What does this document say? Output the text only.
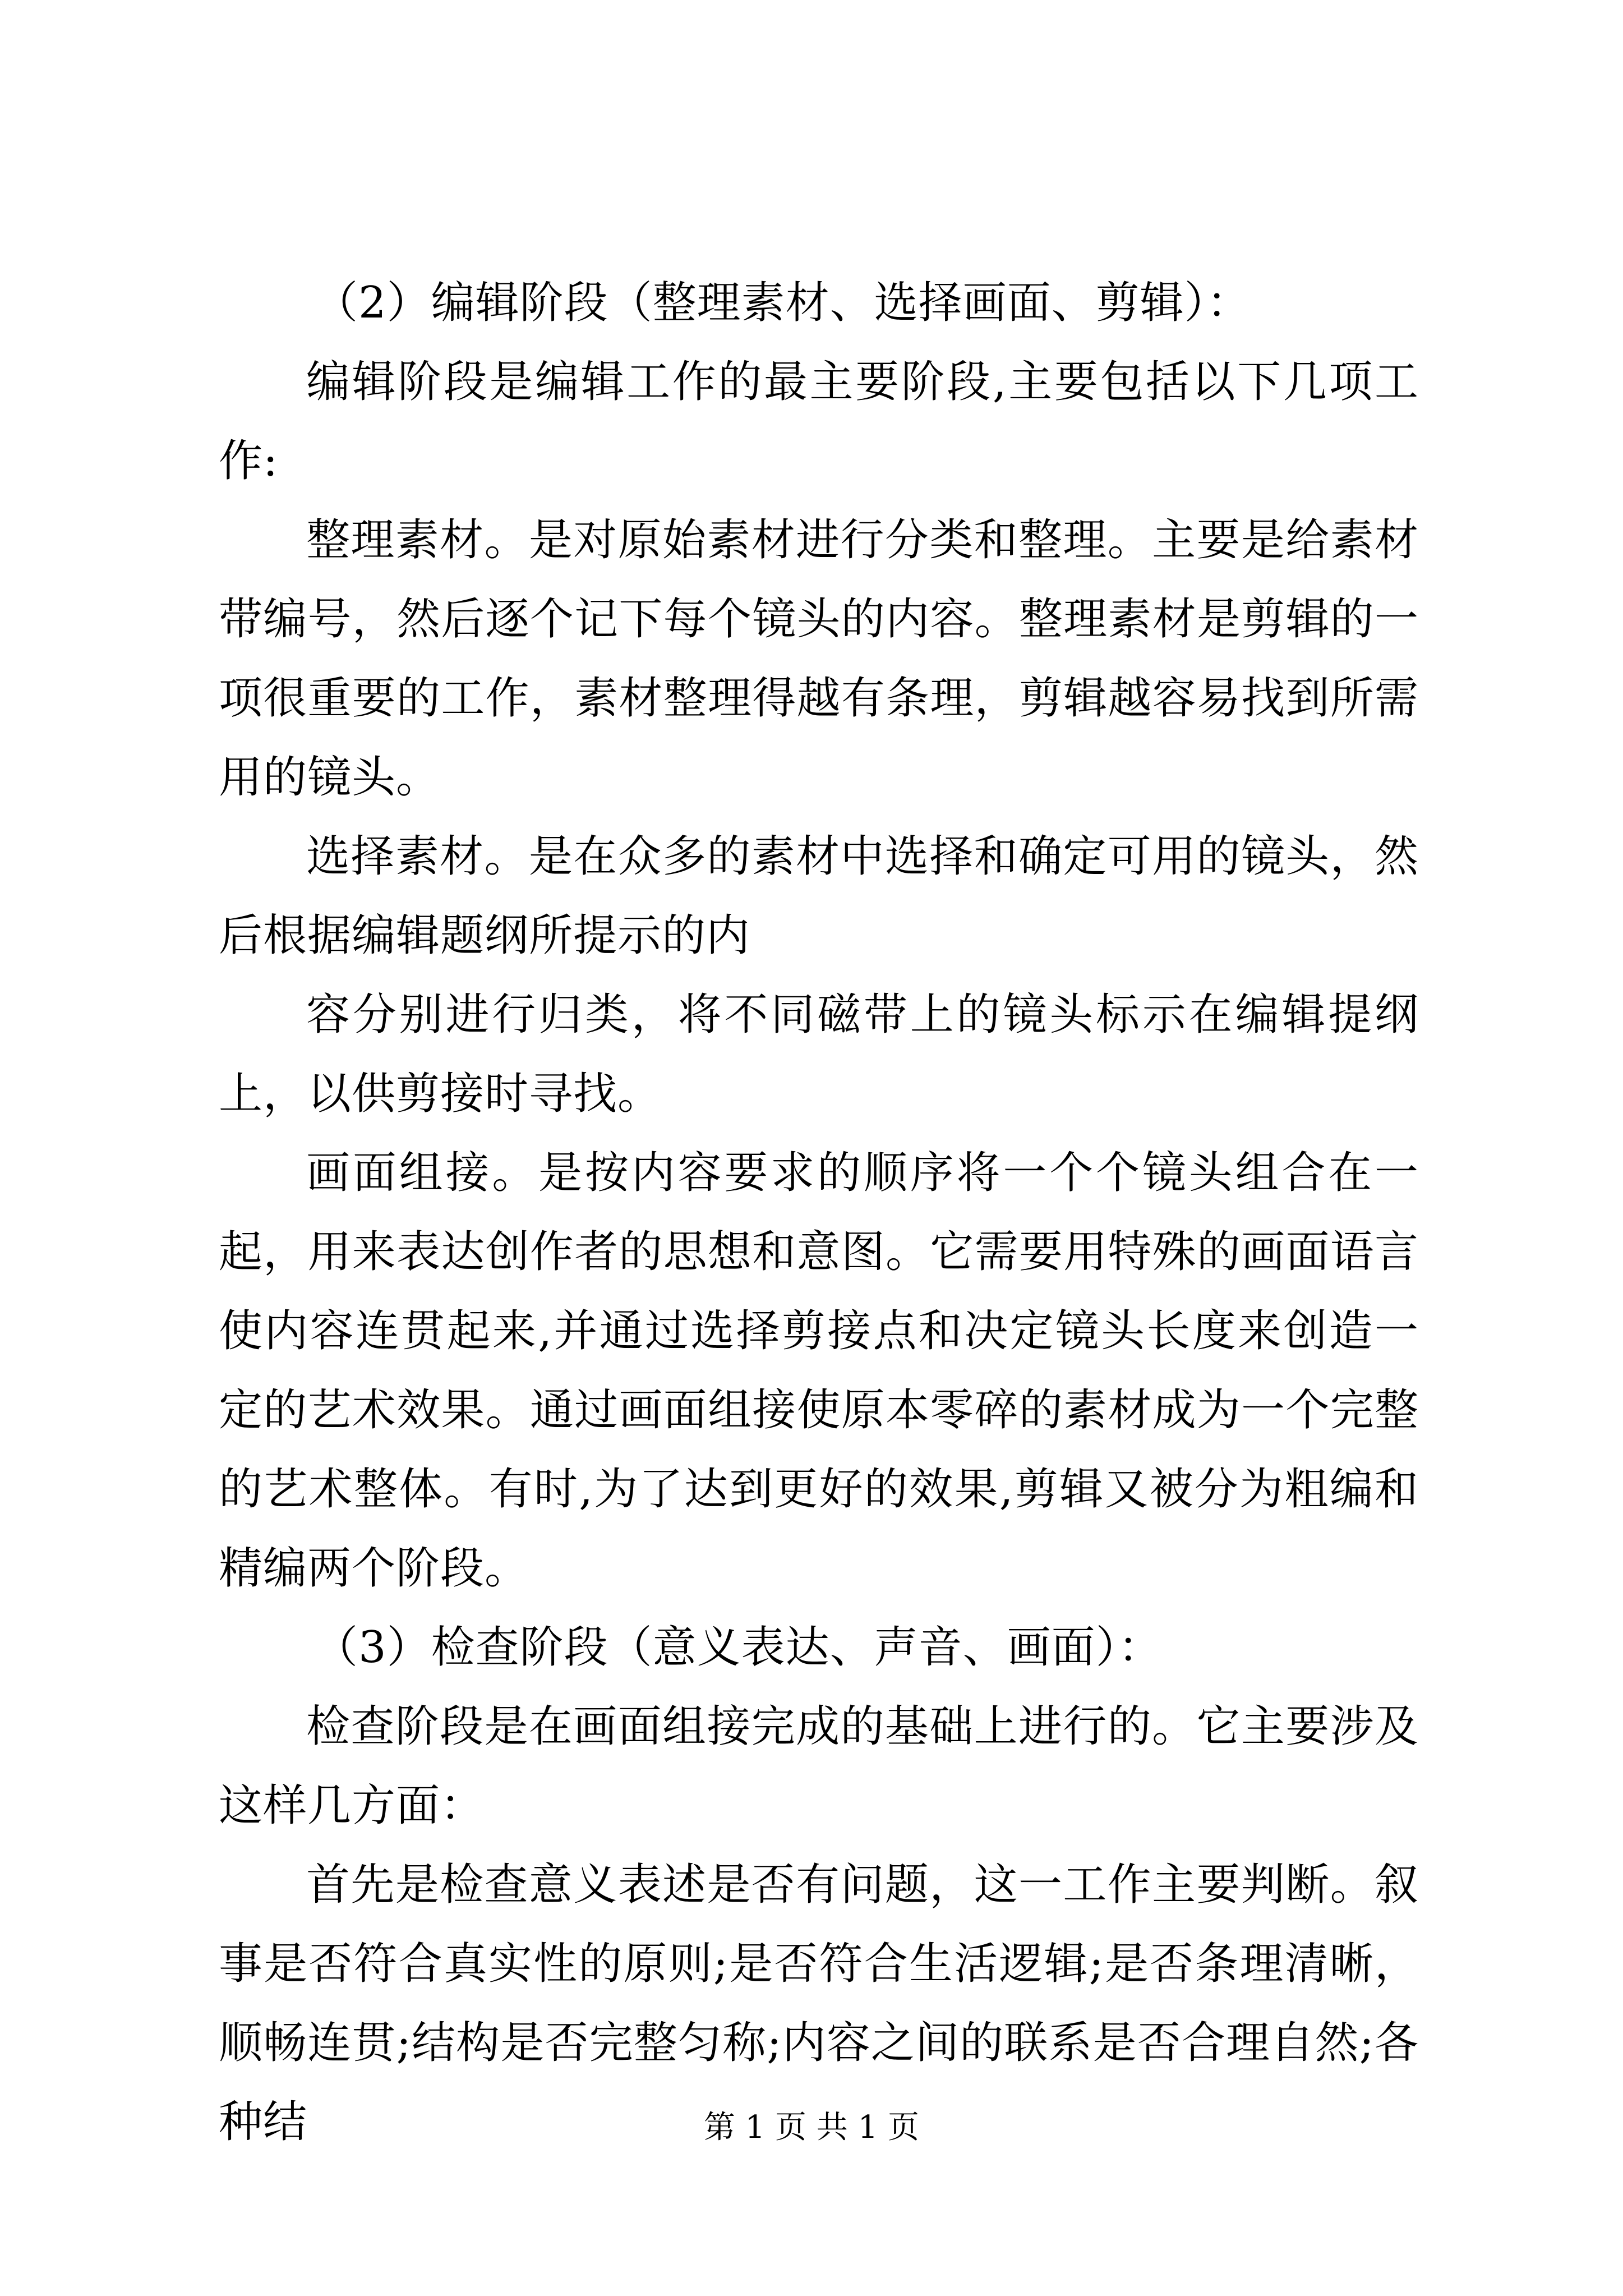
（2）编辑阶段（整理素材、选择画面、剪辑）：

编辑阶段是编辑工作的最主要阶段,主要包括以下几项工作:

整理素材。是对原始素材进行分类和整理。主要是给素材带编号，然后逐个记下每个镜头的内容。整理素材是剪辑的一项很重要的工作，素材整理得越有条理，剪辑越容易找到所需用的镜头。

选择素材。是在众多的素材中选择和确定可用的镜头，然后根据编辑题纲所提示的内

容分别进行归类，将不同磁带上的镜头标示在编辑提纲上，以供剪接时寻找。

画面组接。是按内容要求的顺序将一个个镜头组合在一起，用来表达创作者的思想和意图。它需要用特殊的画面语言使内容连贯起来,并通过选择剪接点和决定镜头长度来创造一定的艺术效果。通过画面组接使原本零碎的素材成为一个完整的艺术整体。有时,为了达到更好的效果,剪辑又被分为粗编和精编两个阶段。

（3）检查阶段（意义表达、声音、画面）：

检查阶段是在画面组接完成的基础上进行的。它主要涉及这样几方面：

首先是检查意义表述是否有问题，这一工作主要判断。叙事是否符合真实性的原则;是否符合生活逻辑;是否条理清晰，顺畅连贯;结构是否完整匀称;内容之间的联系是否合理自然;各种结	第 1 页 共 1 页
